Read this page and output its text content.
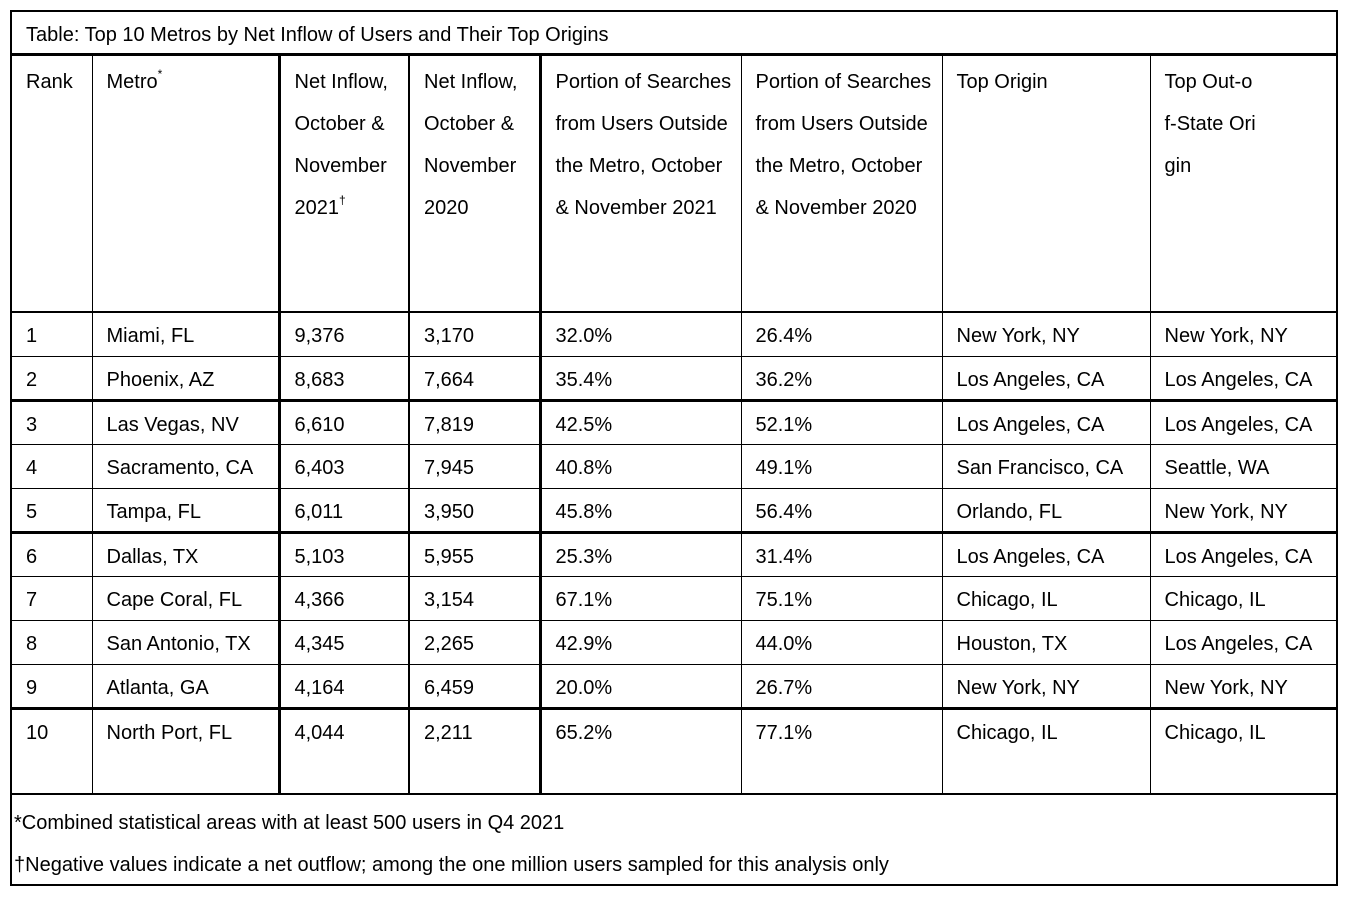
Table: Top 10 Metros by Net Inflow of Users and Their Top Origins
Rank	Metro*	Net Inflow, October & November 2021†	Net Inflow, October & November 2020	Portion of Searches from Users Outside the Metro, October & November 2021	Portion of Searches from Users Outside the Metro, October & November 2020	Top Origin	Top Out-of-State Origin
1	Miami, FL	9,376	3,170	32.0%	26.4%	New York, NY	New York, NY
2	Phoenix, AZ	8,683	7,664	35.4%	36.2%	Los Angeles, CA	Los Angeles, CA
3	Las Vegas, NV	6,610	7,819	42.5%	52.1%	Los Angeles, CA	Los Angeles, CA
4	Sacramento, CA	6,403	7,945	40.8%	49.1%	San Francisco, CA	Seattle, WA
5	Tampa, FL	6,011	3,950	45.8%	56.4%	Orlando, FL	New York, NY
6	Dallas, TX	5,103	5,955	25.3%	31.4%	Los Angeles, CA	Los Angeles, CA
7	Cape Coral, FL	4,366	3,154	67.1%	75.1%	Chicago, IL	Chicago, IL
8	San Antonio, TX	4,345	2,265	42.9%	44.0%	Houston, TX	Los Angeles, CA
9	Atlanta, GA	4,164	6,459	20.0%	26.7%	New York, NY	New York, NY
10	North Port, FL	4,044	2,211	65.2%	77.1%	Chicago, IL	Chicago, IL
*Combined statistical areas with at least 500 users in Q4 2021
†Negative values indicate a net outflow; among the one million users sampled for this analysis only
